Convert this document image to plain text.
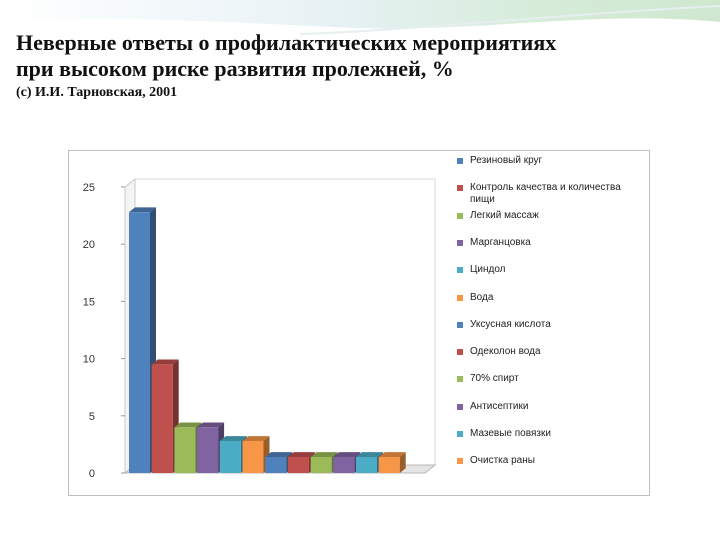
Неверные ответы о профилактических мероприятиях
при высоком риске развития пролежней, %
(с) И.И. Тарновская, 2001
0
5
10
15
20
25
Резиновый круг
Контроль качества и количества пищи
Легкий массаж
Марганцовка
Циндол
Вода
Уксусная кислота
Одеколон вода
70% спирт
Антисептики
Мазевые повязки
Очистка раны
